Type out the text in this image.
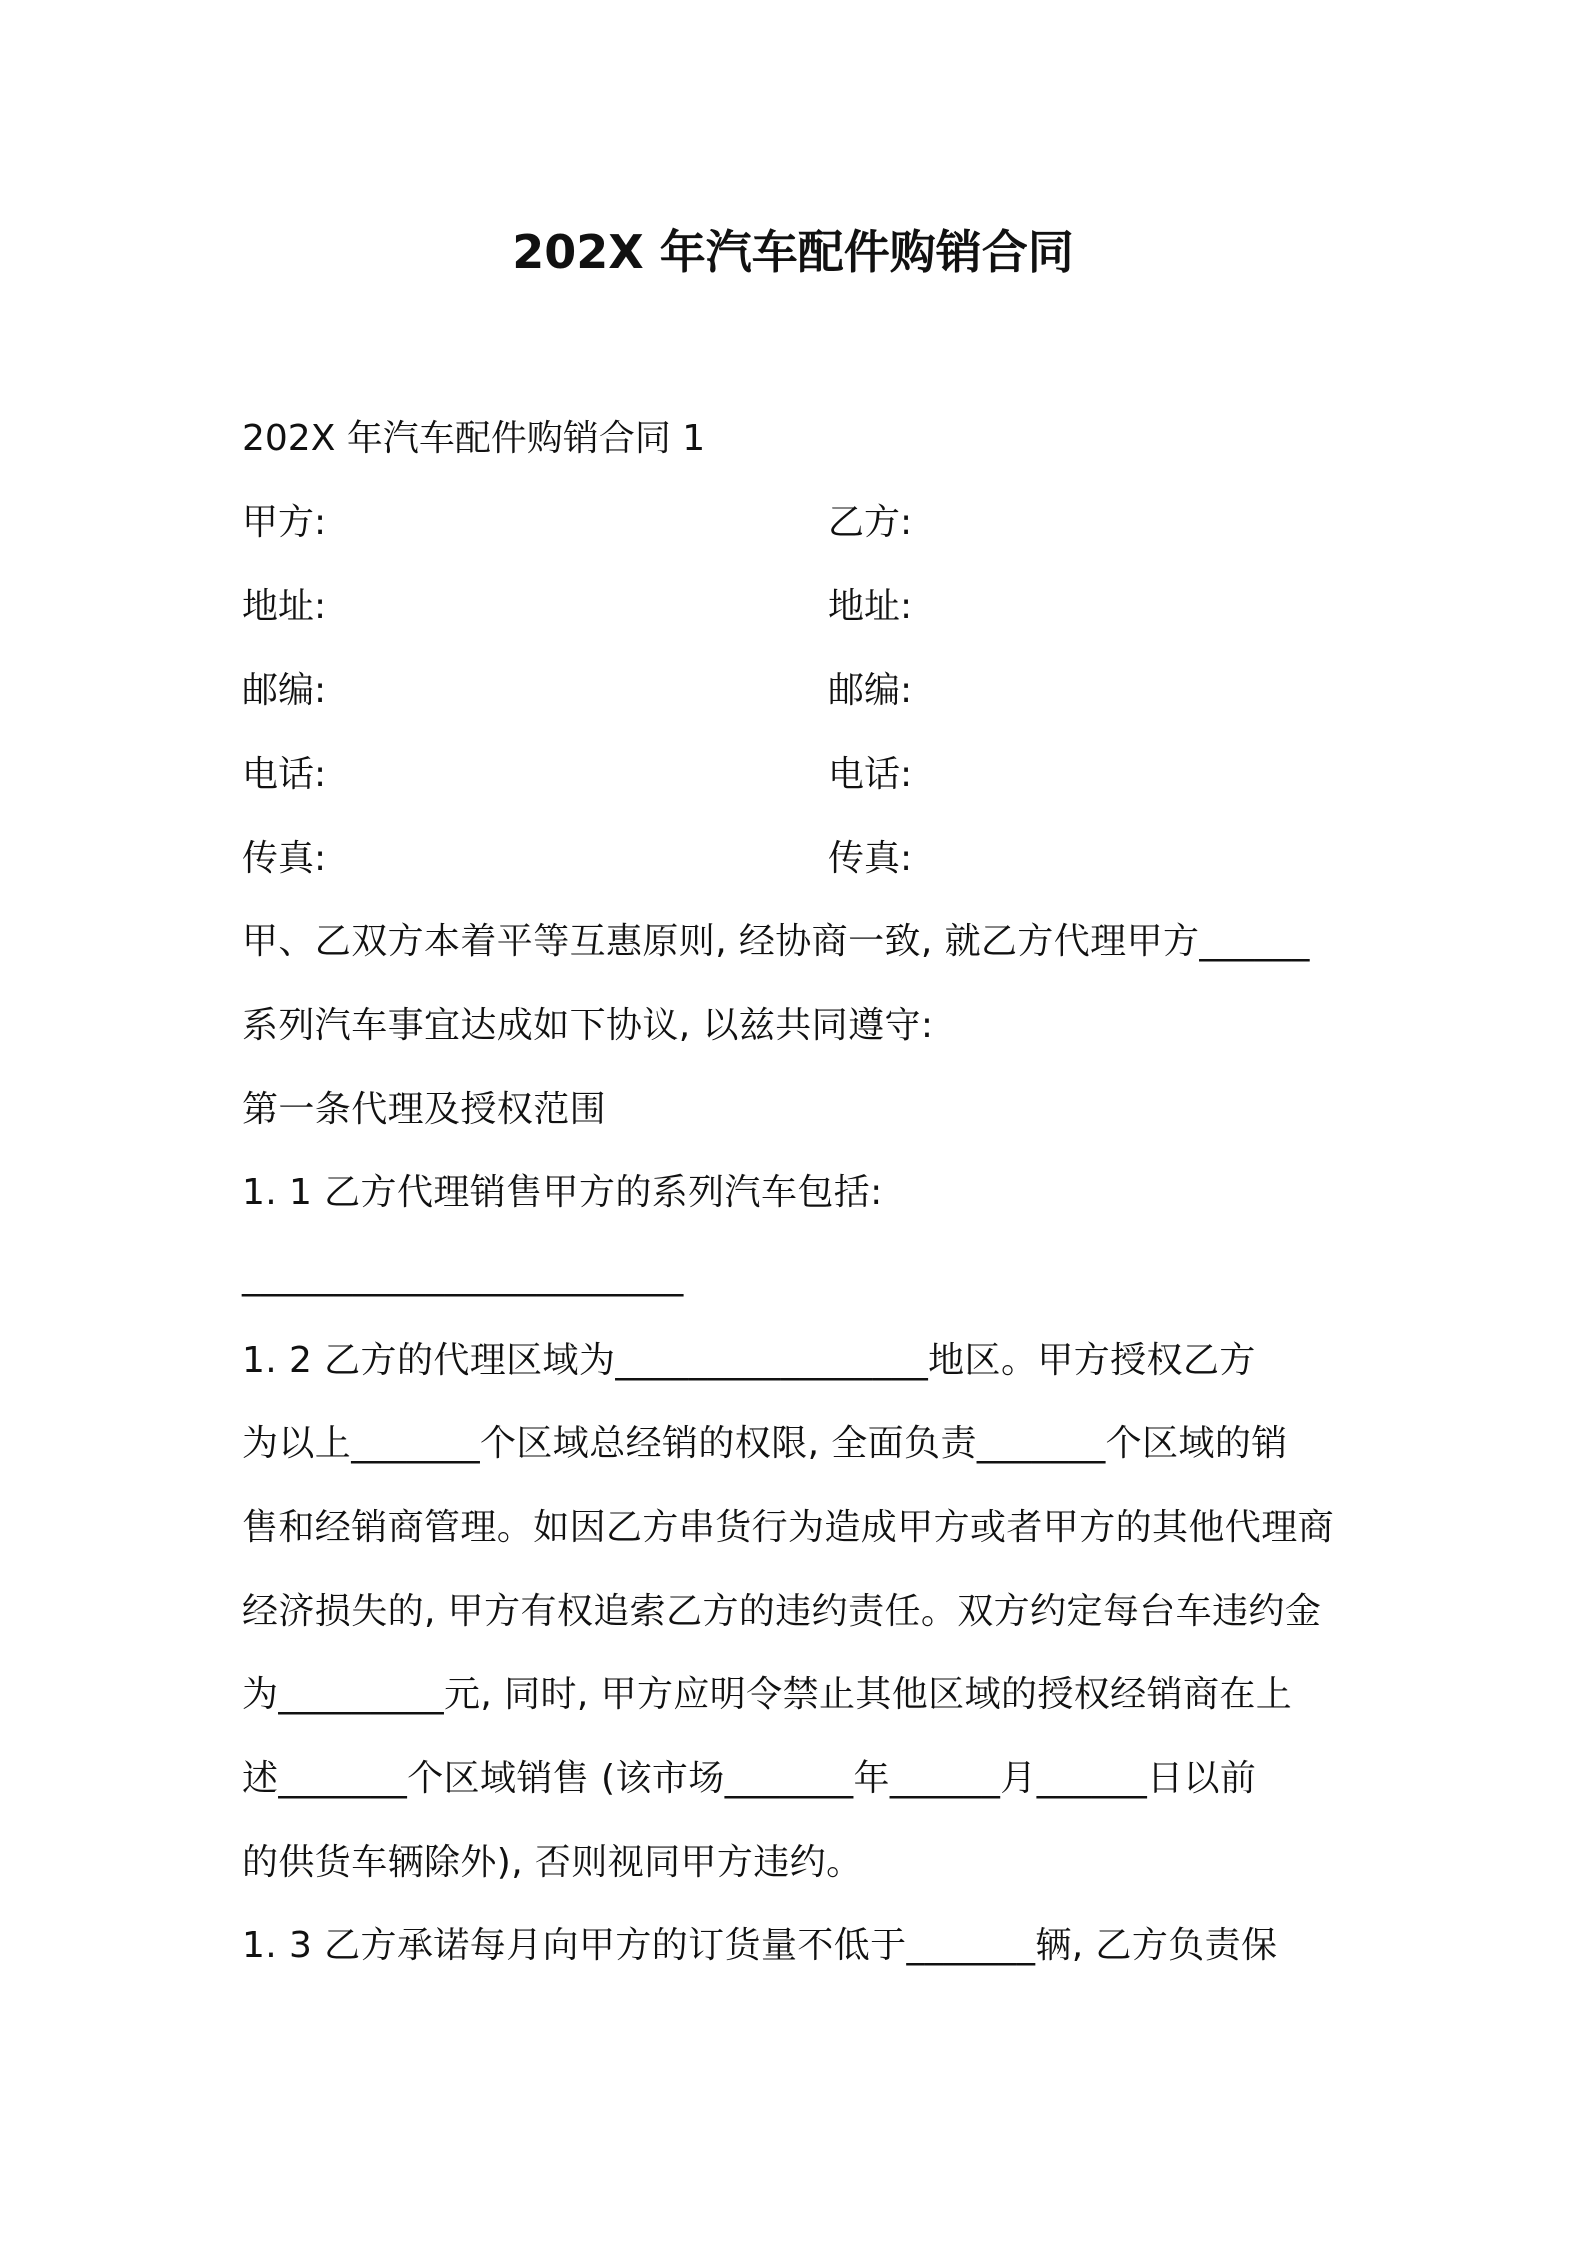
202X 年汽车配件购销合同
202X 年汽车配件购销合同 1
甲方:	乙方:
地址:	地址:
邮编:	邮编:
电话:	电话:
传真:	传真:
甲、乙双方本着平等互惠原则, 经协商一致, 就乙方代理甲方______
系列汽车事宜达成如下协议, 以兹共同遵守:
第一条代理及授权范围
1. 1 乙方代理销售甲方的系列汽车包括:
________________________
1. 2 乙方的代理区域为_________________地区。甲方授权乙方
为以上_______个区域总经销的权限, 全面负责_______个区域的销
售和经销商管理。如因乙方串货行为造成甲方或者甲方的其他代理商
经济损失的, 甲方有权追索乙方的违约责任。双方约定每台车违约金
为_________元, 同时, 甲方应明令禁止其他区域的授权经销商在上
述_______个区域销售 (该市场_______年______月______日以前
的供货车辆除外), 否则视同甲方违约。
1. 3 乙方承诺每月向甲方的订货量不低于_______辆, 乙方负责保
